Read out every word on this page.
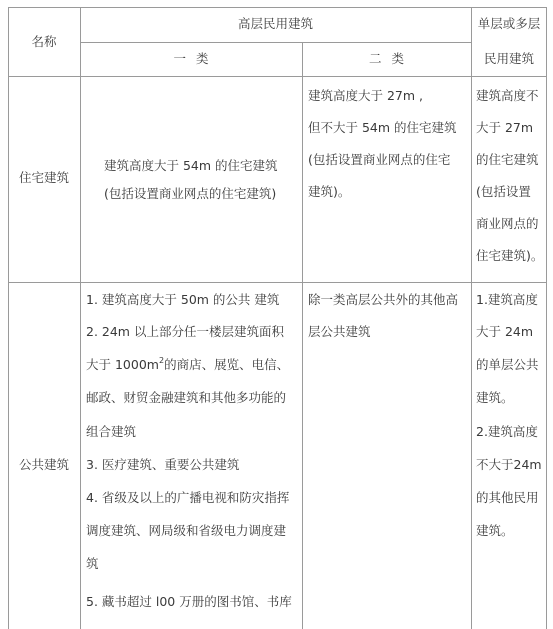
名称
高层民用建筑
一 类	二 类
单层或多层
民用建筑
住宅建筑
建筑高度大于 54m 的住宅建筑
(包括设置商业网点的住宅建筑)
建筑高度大于 27m ,
但不大于 54m 的住宅建筑
(包括设置商业网点的住宅
建筑)。
建筑高度不
大于 27m
的住宅建筑
(包括设置
商业网点的
住宅建筑)。
公共建筑
1. 建筑高度大于 50m 的公共 建筑
2. 24m 以上部分任一楼层建筑面积
大于 $1000m^2$的商店、展览、电信、
邮政、财贸金融建筑和其他多功能的
组合建筑
3. 医疗建筑、重要公共建筑
4. 省级及以上的广播电视和防灾指挥
调度建筑、网局级和省级电力调度建
筑
5. 藏书超过 l00 万册的图书馆、书库
除一类高层公共外的其他高
层公共建筑
1.建筑高度
大于 24m
的单层公共
建筑。
2.建筑高度
不大于24m
的其他民用
建筑。
